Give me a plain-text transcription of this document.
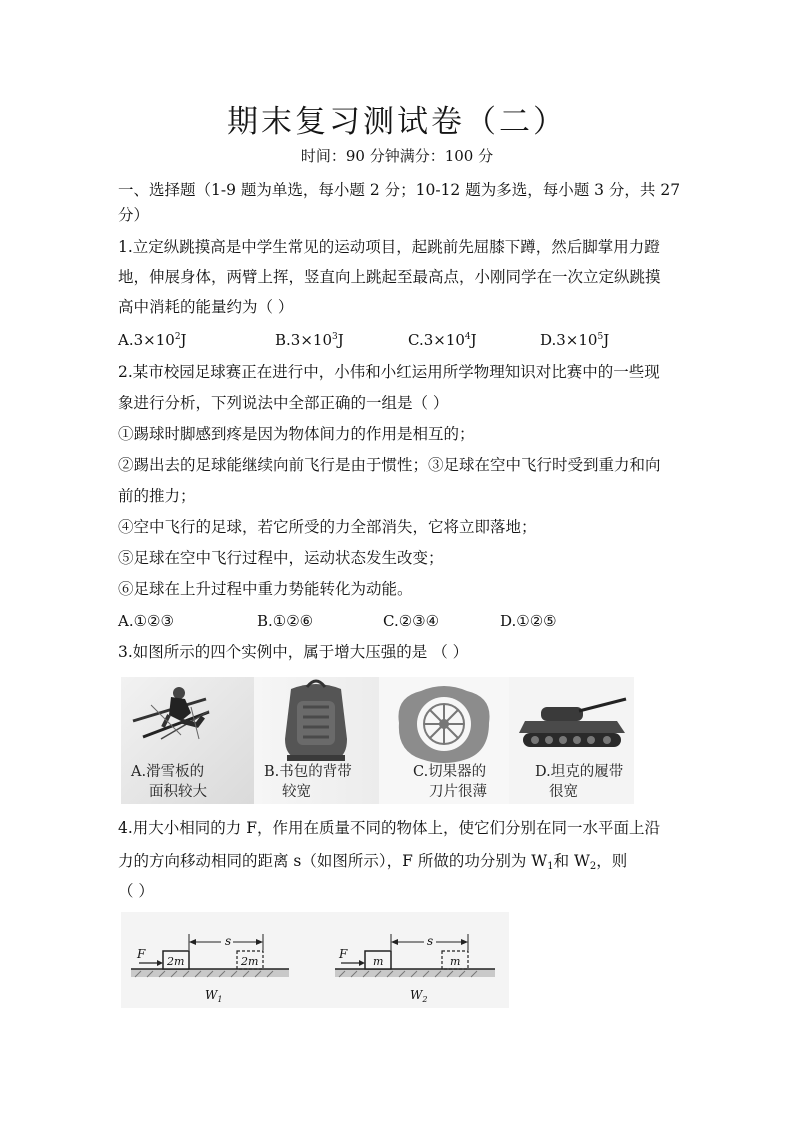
期末复习测试卷（二）
时间：90 分钟满分：100 分
一、选择题（1-9 题为单选，每小题 2 分；10-12 题为多选，每小题 3 分，共 27
分）
1.立定纵跳摸高是中学生常见的运动项目，起跳前先屈膝下蹲，然后脚掌用力蹬
地，伸展身体，两臂上挥，竖直向上跳起至最高点，小刚同学在一次立定纵跳摸
高中消耗的能量约为（ ）
$A.3\times 10^2J$	$B.3\times 10^3J$	$C.3\times 10^4J$	$D.3\times 10^5J$
2.某市校园足球赛正在进行中，小伟和小红运用所学物理知识对比赛中的一些现
象进行分析，下列说法中全部正确的一组是（ ）
①踢球时脚感到疼是因为物体间力的作用是相互的；
②踢出去的足球能继续向前飞行是由于惯性；③足球在空中飞行时受到重力和向
前的推力；
④空中飞行的足球，若它所受的力全部消失，它将立即落地；
⑤足球在空中飞行过程中，运动状态发生改变；
⑥足球在上升过程中重力势能转化为动能。
A.①②③	B.①②⑥	C.②③④	D.①②⑤
3.如图所示的四个实例中，属于增大压强的是 （ ）
A.滑雪板的
面积较大
B.书包的背带
较宽
C.切果器的
刀片很薄
D.坦克的履带
很宽
4.用大小相同的力 F，作用在质量不同的物体上，使它们分别在同一水平面上沿
力的方向移动相同的距离 s（如图所示），F 所做的功分别为 $W_1$和 $W_2$，则
（ ）
F
s
2m	2m
$W_1$
F
s
m	m
$W_2$
